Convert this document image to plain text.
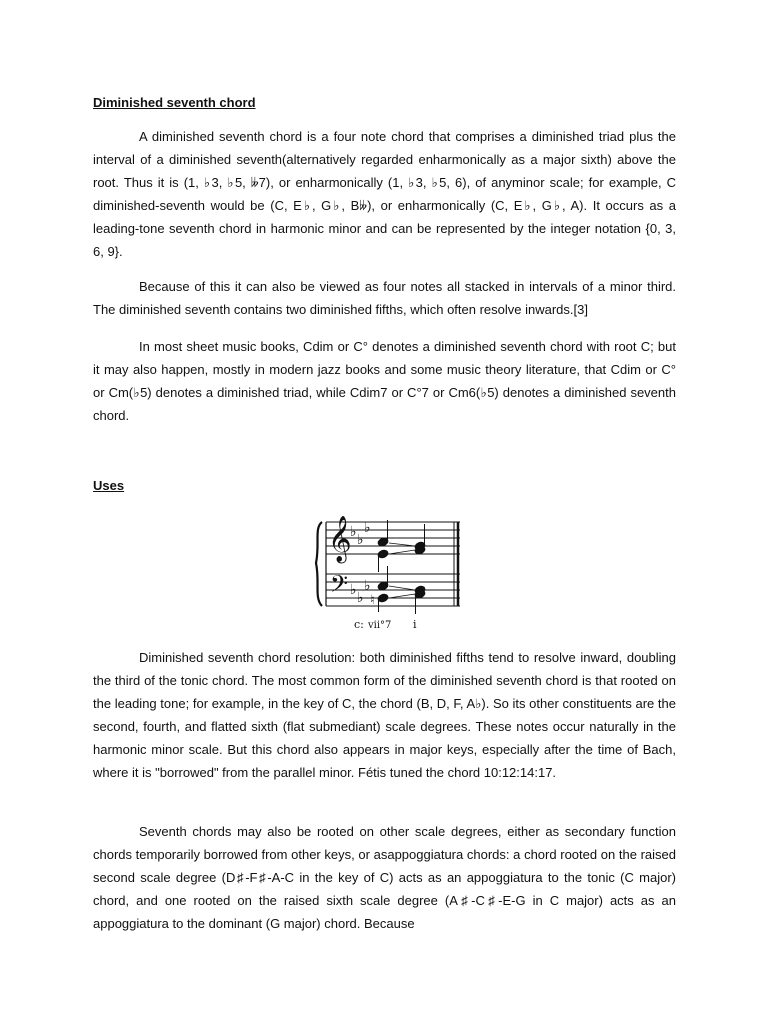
Diminished seventh chord

A diminished seventh chord is a four note chord that comprises a diminished triad plus the interval of a diminished seventh(alternatively regarded enharmonically as a major sixth) above the root. Thus it is (1, ♭3, ♭5, 𝄫7), or enharmonically (1, ♭3, ♭5, 6), of anyminor scale; for example, C diminished-seventh would be (C, E♭, G♭, B𝄫), or enharmonically (C, E♭, G♭, A). It occurs as a leading-tone seventh chord in harmonic minor and can be represented by the integer notation {0, 3, 6, 9}.

Because of this it can also be viewed as four notes all stacked in intervals of a minor third. The diminished seventh contains two diminished fifths, which often resolve inwards.[3]

In most sheet music books, Cdim or C° denotes a diminished seventh chord with root C; but it may also happen, mostly in modern jazz books and some music theory literature, that Cdim or C° or Cm(♭5) denotes a diminished triad, while Cdim7 or C°7 or Cm6(♭5) denotes a diminished seventh chord.

Uses
𝄞
𝄢
♭ ♭
♭
♭ ♭
♭
♮
c: vii°7 i

Diminished seventh chord resolution: both diminished fifths tend to resolve inward, doubling the third of the tonic chord. The most common form of the diminished seventh chord is that rooted on the leading tone; for example, in the key of C, the chord (B, D, F, A♭). So its other constituents are the second, fourth, and flatted sixth (flat submediant) scale degrees. These notes occur naturally in the harmonic minor scale. But this chord also appears in major keys, especially after the time of Bach, where it is "borrowed" from the parallel minor. Fétis tuned the chord 10:12:14:17.

Seventh chords may also be rooted on other scale degrees, either as secondary function chords temporarily borrowed from other keys, or asappoggiatura chords: a chord rooted on the raised second scale degree (D♯-F♯-A-C in the key of C) acts as an appoggiatura to the tonic (C major) chord, and one rooted on the raised sixth scale degree (A♯-C♯-E-G in C major) acts as an appoggiatura to the dominant (G major) chord. Because
